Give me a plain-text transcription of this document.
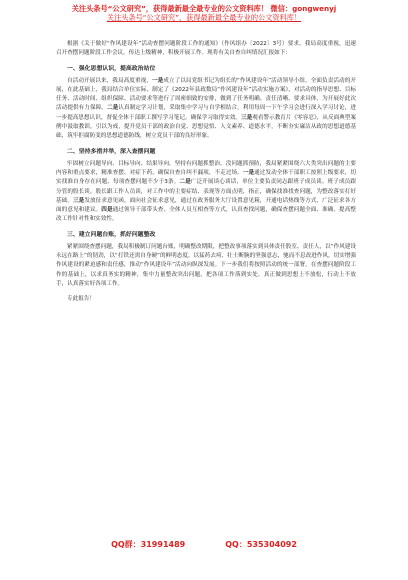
关注头条号“公文研究”，获得最新最全最专业的公文资料库！ 微信：gongwenyj
关注头条号“公文研究”，获得最新最全最专业的公文资料库！

根据《关于做好“作风建设年”活动查摆问题阶段工作的通知》（作风组办〔2022〕3号）要求，我局高度重视，迅速召开查摆问题阶段工作会议，传达上级精神，积极开展工作。现将有关自查自纠情况汇报如下：

一、强化思想认识，提高政治站位

自活动开展以来，我局高度重视，一是成立了以局党组书记为组长的“作风建设年”活动领导小组，全面负责活动的开展，在此基础上，我局结合单位实际，制定了《2022年县政数局“作风建设年”活动实施方案》，对活动的指导思想、目标任务、活动时间、组织保障、活动要求等进行了周密细致的安排，做到了任务明确、责任清晰、要求具体，为开展好此次活动提供有力保障。二是认真制定学习计划，采取集中学习与自学相结合，利用每周一下午学习会进行深入学习讨论，进一步提高思想认识，督促全体干部职工撰写学习笔记，确保学习取得实效。三是观看警示教育片《零容忍》，从反面典型案例中汲取教训，引以为戒，提升党员干部的政治自觉、思想觉悟、人文素养、道德水平，不断夯实廉洁从政的思想道德基础，筑牢拒腐防变的思想道德防线，树立党员干部的良好形象。

二、坚持多措并举，深入查摆问题

牢固树立问题导向、目标导向、结果导向，坚持有问题抓整治、没问题抓预防，我局紧紧围绕六大类突出问题的主要内容和重点要求，精准查摆、对症下药，确保自查自纠不漏项，不走过场。一是通过发动全体干部职工按照上级要求，切实找准自身存在问题，每项查摆问题不少于3条。二是广泛开展谈心谈话，单位主要负责同志跟班子成员谈、班子成员跟分管的股长谈，股长跟工作人员谈，对工作中的主要症结、表现等方面点明，指正，确保找准找查问题，为整改落实打好基础。三是发放征求意见函，面向社会征求意见，通过在政务服务大厅设置意见箱，开通电话热线等方式，广泛征求各方面的意见和建议。四是通过领导干部带头查、全体人员互相查等方式，认真查找问题，确保查摆问题全面、准确，提高整改工作针对性和实效性。

三、建立问题台账，抓好问题整改

紧紧围绕查摆问题，我局积极制订问题台账，明确整改期限，把整改事项落实到具体责任股室、责任人，以“作风建设永远在路上”的韧劲，以“打铁还需自身硬”的鲜明态度，以猛药去疴、壮士断腕的坚强意志，驰而不息改进作风，切实增强作风建设的紧迫感和责任感，推动“作风建设年”活动向纵深发展。下一步我们将按照活动的统一部署，在查摆问题阶段工作的基础上，以求真务实的精神，集中力量整改突出问题，把各项工作落到实处，真正做到思想上不放松，行动上不放手，认真落实好各项工作。

专此报告！

QQ群：31991489	QQ：535304092
